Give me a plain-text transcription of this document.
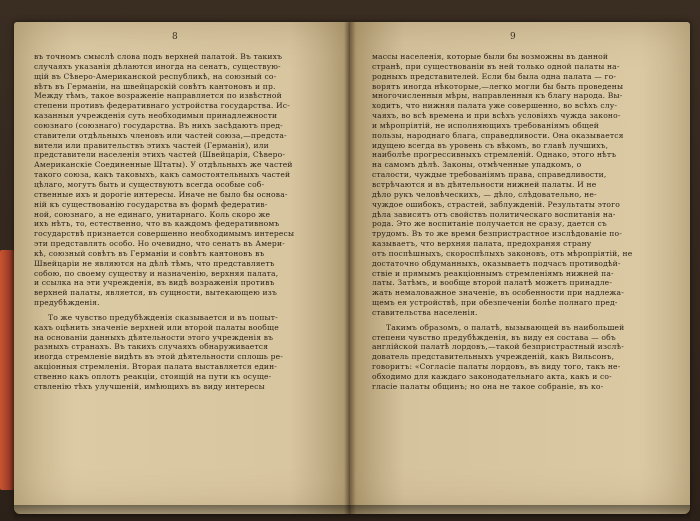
8
въ точномъ смыслѣ слова подъ верхней палатой. Въ такихъ
случаяхъ указанія дѣлаются иногда на сенатъ, существую-
щій въ Сѣверо-Американской республикѣ, на союзный со-
вѣтъ въ Германіи, на швейцарскій совѣтъ кантоновъ и пр.
Между тѣмъ, такое возраженіе направляется по извѣстной
степени противъ федеративнаго устройства государства. Ис-
казанныя учрежденія суть необходимыя принадлежности
союзнаго (союзнаго) государства. Въ нихъ засѣдаютъ пред-
ставители отдѣльныхъ членовъ или частей союза,—предста-
вители или правительствъ этихъ частей (Германія), или
представители населенія этихъ частей (Швейцарія, Сѣверо-
Американскіе Соединенные Штаты). У отдѣльныхъ же частей
такого союза, какъ таковыхъ, какъ самостоятельныхъ частей
цѣлаго, могутъ быть и существуютъ всегда особые соб-
ственные ихъ и дорогіе интересы. Иначе не было бы основа-
ній къ существованію государства въ формѣ федератив-
ной, союзнаго, а не единаго, унитарнаго. Коль скоро же
ихъ нѣтъ, то, естественно, что въ каждомъ федеративномъ
государствѣ признается совершенно необходимымъ интересы
эти представлять особо. Но очевидно, что сенатъ въ Амери-
кѣ, союзный совѣтъ въ Германіи и совѣтъ кантоновъ въ
Швейцаріи не являются на дѣлѣ тѣмъ, что представляетъ
собою, по своему существу и назначенію, верхняя палата,
и ссылка на эти учрежденія, въ видѣ возраженія противъ
верхней палаты, является, въ сущности, вытекающею изъ
предубѣжденія.
То же чувство предубѣжденія сказывается и въ попыт-
кахъ оцѣнить значеніе верхней или второй палаты вообще
на основаніи данныхъ дѣятельности этого учрежденія въ
разныхъ странахъ. Въ такихъ случаяхъ обнаруживается
иногда стремленіе видѣть въ этой дѣятельности сплошь ре-
акціонныя стремленія. Вторая палата выставляется един-
ственно какъ оплотъ реакціи, стоящій на пути къ осуще-
ствленію тѣхъ улучшеній, имѣющихъ въ виду интересы
9
массы населенія, которые были бы возможны въ данной
странѣ, при существованіи въ ней только одной палаты на-
родныхъ представителей. Если бы была одна палата — го-
ворятъ иногда нѣкоторые,—легко могли бы быть проведены
многочисленныя мѣры, направленныя къ благу народа. Вы-
ходитъ, что нижняя палата уже совершенно, во всѣхъ слу-
чаяхъ, во всѣ времена и при всѣхъ условіяхъ чужда законо-
и мѣропріятій, не исполняющихъ требованіямъ общей
пользы, народнаго блага, справедливости. Она оказывается
идущею всегда въ уровень съ вѣкомъ, во главѣ лучшихъ,
наиболѣе прогрессивныхъ стремленій. Однако, этого нѣтъ
на самомъ дѣлѣ. Законы, отмѣченные упадкомъ, о
сталости, чуждые требованіямъ права, справедливости,
встрѣчаются и въ дѣятельности нижней палаты. И не
дѣло рукъ человѣческихъ, — дѣло, слѣдовательно, не-
чуждое ошибокъ, страстей, заблужденій. Результаты этого
дѣла зависятъ отъ свойствъ политическаго воспитанія на-
рода. Это же воспитаніе получается не сразу, дается съ
трудомъ. Въ то же время безпристрастное изслѣдованіе по-
казываетъ, что верхняя палата, предохраняя страну
отъ поспѣшныхъ, скороспѣлыхъ законовъ, отъ мѣропріятій, не
достаточно обдуманныхъ, оказываетъ подчасъ противодѣй-
ствіе и прямымъ реакціоннымъ стремленіямъ нижней па-
латы. Затѣмъ, и вообще второй палатѣ можетъ принадле-
жать немаловажное значеніе, въ особенности при надлежа-
щемъ ея устройствѣ, при обезпеченіи болѣе полнаго пред-
ставительства населенія.
Такимъ образомъ, о палатѣ, вызывающей въ наибольшей
степени чувство предубѣжденія, въ виду ея состава — объ
англійской палатѣ лордовъ,—такой безпристрастный изслѣ-
дователь представительныхъ учрежденій, какъ Вильсонъ,
говоритъ: «Согласіе палаты лордовъ, въ виду того, такъ не-
обходимо для каждаго законодательнаго акта, какъ и со-
гласіе палаты общинъ; но она не такое собраніе, въ ко-
